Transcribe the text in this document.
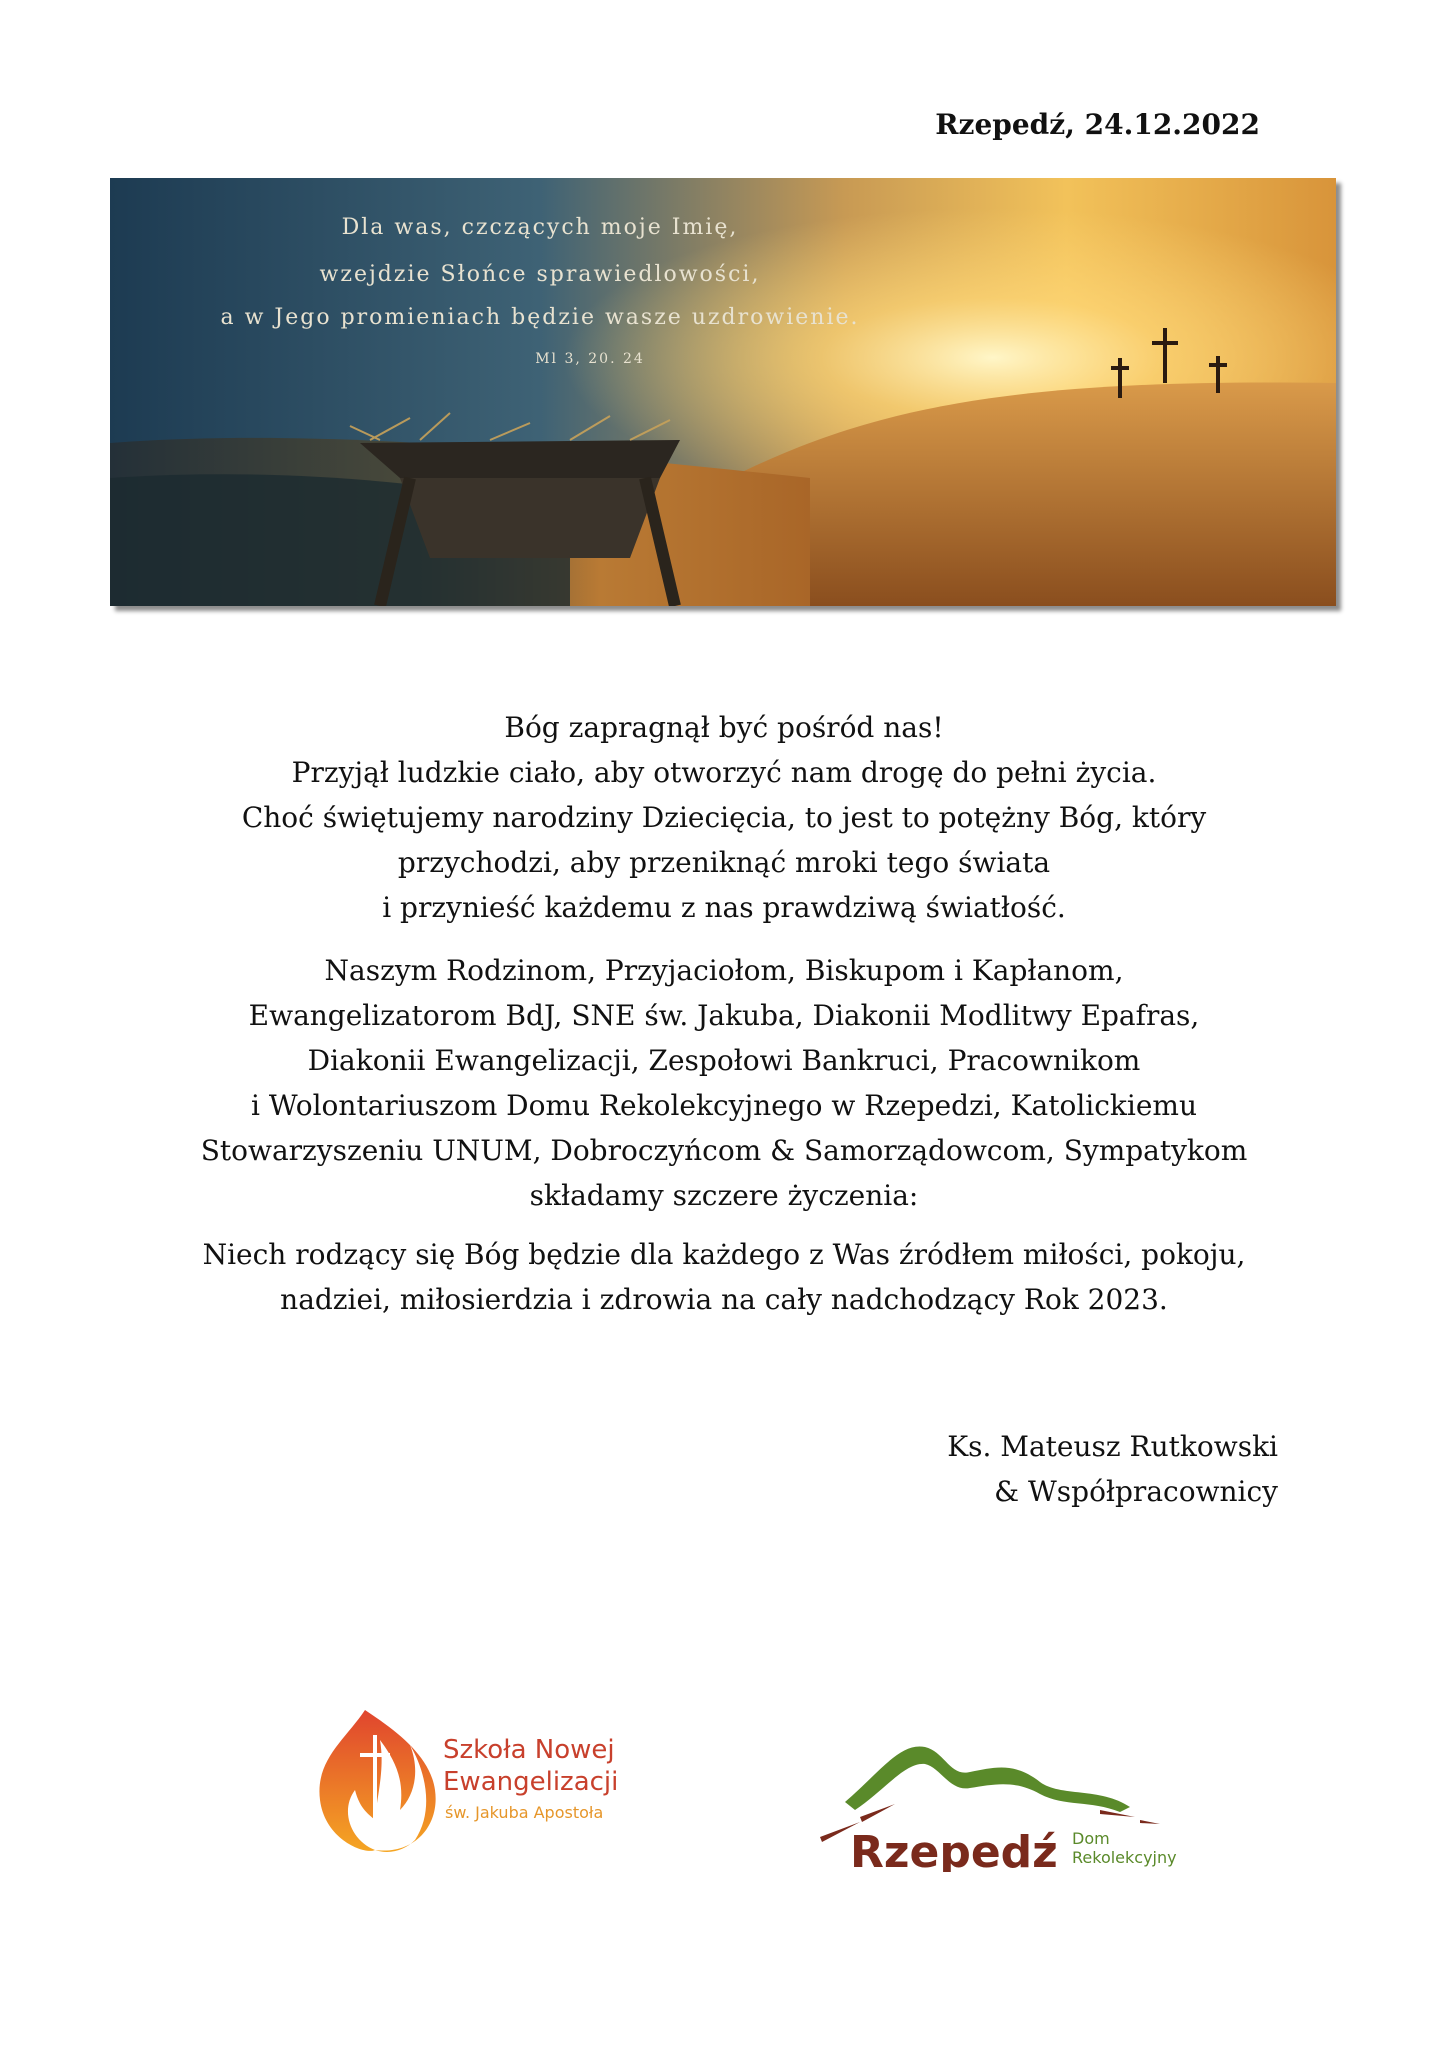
Rzepedź, 24.12.2022
Dla was, czczących moje Imię,
wzejdzie Słońce sprawiedlowości,
a w Jego promieniach będzie wasze uzdrowienie.
Ml 3, 20. 24
Bóg zapragnął być pośród nas!
Przyjął ludzkie ciało, aby otworzyć nam drogę do pełni życia.
Choć świętujemy narodziny Dziecięcia, to jest to potężny Bóg, który
przychodzi, aby przeniknąć mroki tego świata
i przynieść każdemu z nas prawdziwą światłość.
Naszym Rodzinom, Przyjaciołom, Biskupom i Kapłanom,
Ewangelizatorom BdJ, SNE św. Jakuba, Diakonii Modlitwy Epafras,
Diakonii Ewangelizacji, Zespołowi Bankruci, Pracownikom
i Wolontariuszom Domu Rekolekcyjnego w Rzepedzi, Katolickiemu
Stowarzyszeniu UNUM, Dobroczyńcom & Samorządowcom, Sympatykom
składamy szczere życzenia:
Niech rodzący się Bóg będzie dla każdego z Was źródłem miłości, pokoju,
nadziei, miłosierdzia i zdrowia na cały nadchodzący Rok 2023.
Ks. Mateusz Rutkowski
& Współpracownicy
Szkoła Nowej
Ewangelizacji
św. Jakuba Apostoła
Rzepedź Dom
Rekolekcyjny
